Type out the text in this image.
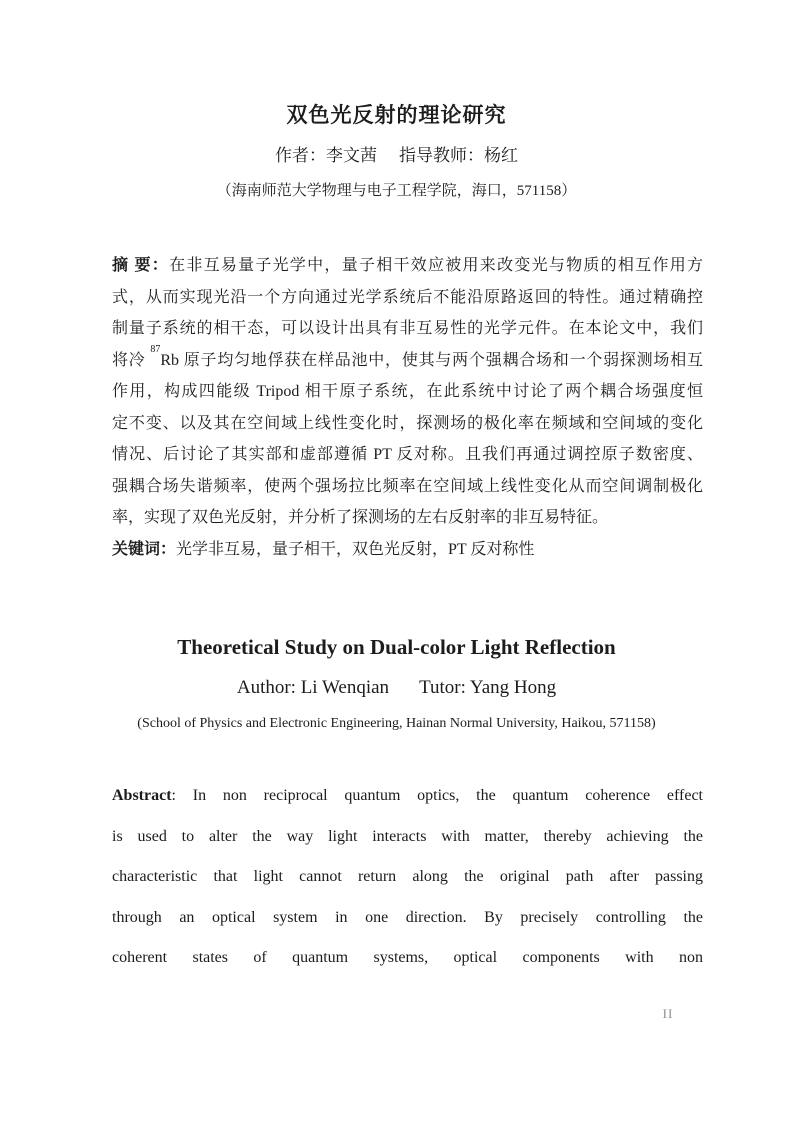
双色光反射的理论研究
作者：李文茜 指导教师：杨红
（海南师范大学物理与电子工程学院，海口，571158）
摘 要：在非互易量子光学中，量子相干效应被用来改变光与物质的相互作用方
式，从而实现光沿一个方向通过光学系统后不能沿原路返回的特性。通过精确控
制量子系统的相干态，可以设计出具有非互易性的光学元件。在本论文中，我们
将冷 $^{87}$Rb 原子均匀地俘获在样品池中，使其与两个强耦合场和一个弱探测场相互
作用，构成四能级 Tripod 相干原子系统，在此系统中讨论了两个耦合场强度恒
定不变、以及其在空间域上线性变化时，探测场的极化率在频域和空间域的变化
情况、后讨论了其实部和虚部遵循 PT 反对称。且我们再通过调控原子数密度、
强耦合场失谐频率，使两个强场拉比频率在空间域上线性变化从而空间调制极化
率，实现了双色光反射，并分析了探测场的左右反射率的非互易特征。
关键词：光学非互易，量子相干，双色光反射，PT 反对称性
Theoretical Study on Dual-color Light Reflection
Author: Li Wenqian Tutor: Yang Hong
(School of Physics and Electronic Engineering, Hainan Normal University, Haikou, 571158)
Abstract: In non reciprocal quantum optics, the quantum coherence effect
is used to alter the way light interacts with matter, thereby achieving the
characteristic that light cannot return along the original path after passing
through an optical system in one direction. By precisely controlling the
coherent states of quantum systems, optical components with non
II
